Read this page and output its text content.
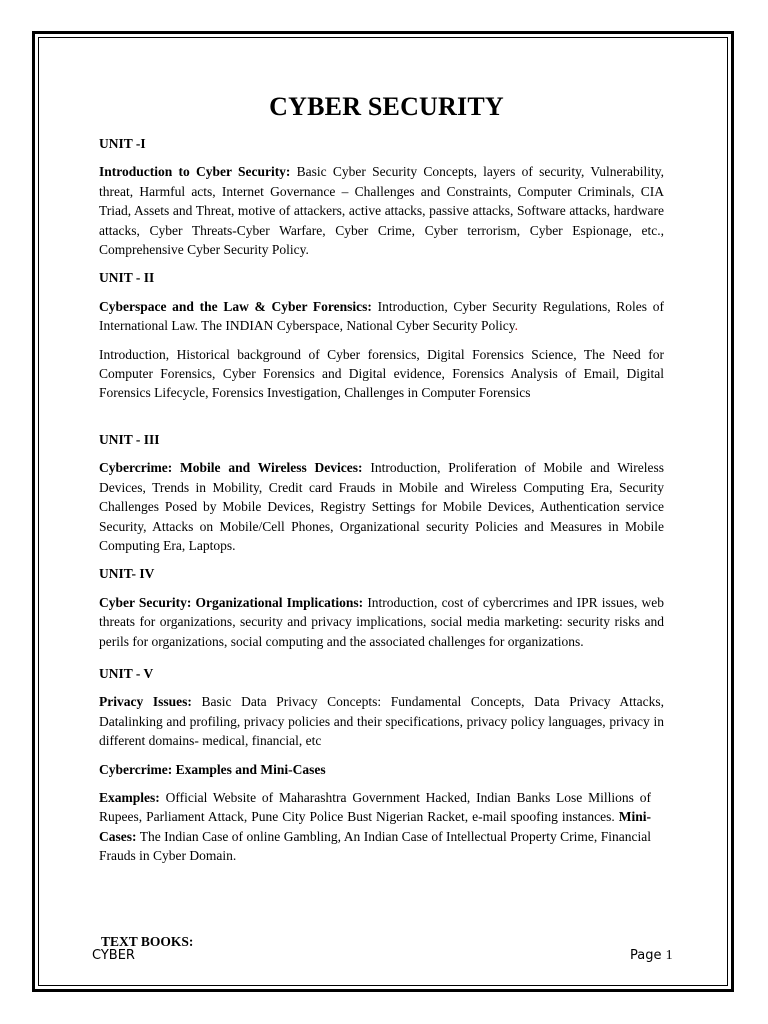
CYBER SECURITY
UNIT -I

Introduction to Cyber Security: Basic Cyber Security Concepts, layers of security, Vulnerability, threat, Harmful acts, Internet Governance – Challenges and Constraints, Computer Criminals, CIA Triad, Assets and Threat, motive of attackers, active attacks, passive attacks, Software attacks, hardware attacks, Cyber Threats-Cyber Warfare, Cyber Crime, Cyber terrorism, Cyber Espionage, etc., Comprehensive Cyber Security Policy.

UNIT - II

Cyberspace and the Law & Cyber Forensics: Introduction, Cyber Security Regulations, Roles of International Law. The INDIAN Cyberspace, National Cyber Security Policy.

Introduction, Historical background of Cyber forensics, Digital Forensics Science, The Need for Computer Forensics, Cyber Forensics and Digital evidence, Forensics Analysis of Email, Digital Forensics Lifecycle, Forensics Investigation, Challenges in Computer Forensics

UNIT - III

Cybercrime: Mobile and Wireless Devices: Introduction, Proliferation of Mobile and Wireless Devices, Trends in Mobility, Credit card Frauds in Mobile and Wireless Computing Era, Security Challenges Posed by Mobile Devices, Registry Settings for Mobile Devices, Authentication service Security, Attacks on Mobile/Cell Phones, Organizational security Policies and Measures in Mobile Computing Era, Laptops.

UNIT- IV

Cyber Security: Organizational Implications: Introduction, cost of cybercrimes and IPR issues, web threats for organizations, security and privacy implications, social media marketing: security risks and perils for organizations, social computing and the associated challenges for organizations.

UNIT - V

Privacy Issues: Basic Data Privacy Concepts: Fundamental Concepts, Data Privacy Attacks, Datalinking and profiling, privacy policies and their specifications, privacy policy languages, privacy in different domains- medical, financial, etc

Cybercrime: Examples and Mini-Cases

Examples: Official Website of Maharashtra Government Hacked, Indian Banks Lose Millions of Rupees, Parliament Attack, Pune City Police Bust Nigerian Racket, e-mail spoofing instances. Mini-Cases: The Indian Case of online Gambling, An Indian Case of Intellectual Property Crime, Financial Frauds in Cyber Domain.

TEXT BOOKS:
CYBER	Page 1
